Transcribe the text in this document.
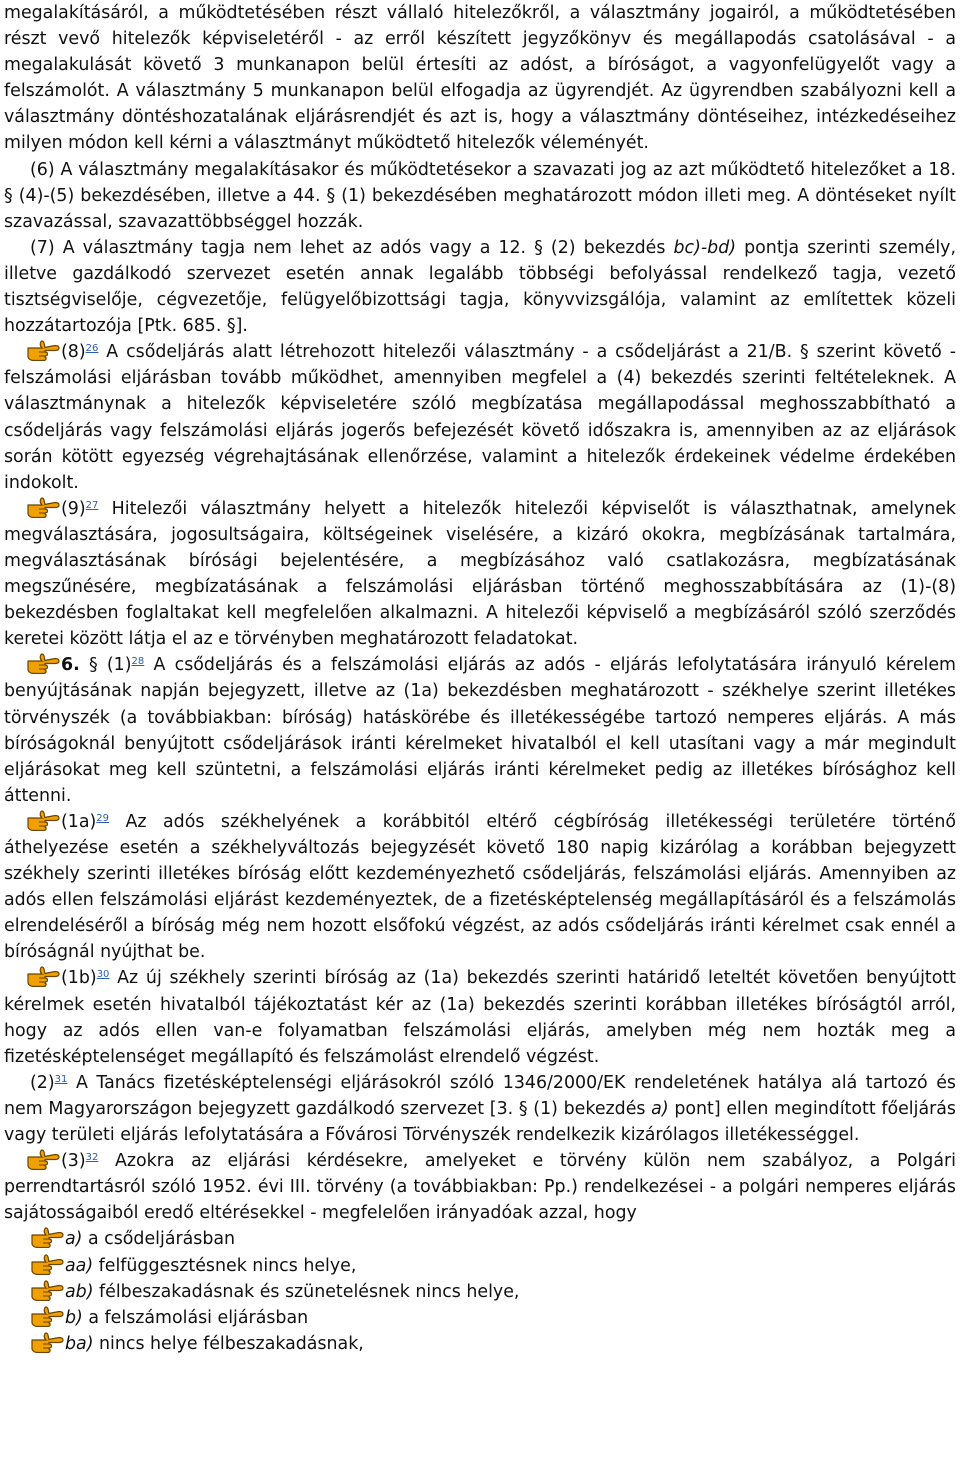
megalakításáról, a működtetésében részt vállaló hitelezőkről, a választmány jogairól, a működtetésében részt vevő hitelezők képviseletéről - az erről készített jegyzőkönyv és megállapodás csatolásával - a megalakulását követő 3 munkanapon belül értesíti az adóst, a bíróságot, a vagyonfelügyelőt vagy a felszámolót. A választmány 5 munkanapon belül elfogadja az ügyrendjét. Az ügyrendben szabályozni kell a választmány döntéshozatalának eljárásrendjét és azt is, hogy a választmány döntéseihez, intézkedéseihez milyen módon kell kérni a választmányt működtető hitelezők véleményét.

(6) A választmány megalakításakor és működtetésekor a szavazati jog az azt működtető hitelezőket a 18. § (4)-(5) bekezdésében, illetve a 44. § (1) bekezdésében meghatározott módon illeti meg. A döntéseket nyílt szavazással, szavazattöbbséggel hozzák.

(7) A választmány tagja nem lehet az adós vagy a 12. § (2) bekezdés bc)-bd) pontja szerinti személy, illetve gazdálkodó szervezet esetén annak legalább többségi befolyással rendelkező tagja, vezető tisztségviselője, cégvezetője, felügyelőbizottsági tagja, könyvvizsgálója, valamint az említettek közeli hozzátartozója [Ptk. 685. §].

$(8)^{26}$ A csődeljárás alatt létrehozott hitelezői választmány - a csődeljárást a 21/B. § szerint követő - felszámolási eljárásban tovább működhet, amennyiben megfelel a (4) bekezdés szerinti feltételeknek. A választmánynak a hitelezők képviseletére szóló megbízatása megállapodással meghosszabbítható a csődeljárás vagy felszámolási eljárás jogerős befejezését követő időszakra is, amennyiben az az eljárások során kötött egyezség végrehajtásának ellenőrzése, valamint a hitelezők érdekeinek védelme érdekében indokolt.

$(9)^{27}$ Hitelezői választmány helyett a hitelezők hitelezői képviselőt is választhatnak, amelynek megválasztására, jogosultságaira, költségeinek viselésére, a kizáró okokra, megbízásának tartalmára, megválasztásának bírósági bejelentésére, a megbízásához való csatlakozásra, megbízatásának megszűnésére, megbízatásának a felszámolási eljárásban történő meghosszabbítására az (1)-(8) bekezdésben foglaltakat kell megfelelően alkalmazni. A hitelezői képviselő a megbízásáról szóló szerződés keretei között látja el az e törvényben meghatározott feladatokat.

6. § $(1)^{28}$ A csődeljárás és a felszámolási eljárás az adós - eljárás lefolytatására irányuló kérelem benyújtásának napján bejegyzett, illetve az (1a) bekezdésben meghatározott - székhelye szerint illetékes törvényszék (a továbbiakban: bíróság) hatáskörébe és illetékességébe tartozó nemperes eljárás. A más bíróságoknál benyújtott csődeljárások iránti kérelmeket hivatalból el kell utasítani vagy a már megindult eljárásokat meg kell szüntetni, a felszámolási eljárás iránti kérelmeket pedig az illetékes bírósághoz kell áttenni.

$(1a)^{29}$ Az adós székhelyének a korábbitól eltérő cégbíróság illetékességi területére történő áthelyezése esetén a székhelyváltozás bejegyzését követő 180 napig kizárólag a korábban bejegyzett székhely szerinti illetékes bíróság előtt kezdeményezhető csődeljárás, felszámolási eljárás. Amennyiben az adós ellen felszámolási eljárást kezdeményeztek, de a fizetésképtelenség megállapításáról és a felszámolás elrendeléséről a bíróság még nem hozott elsőfokú végzést, az adós csődeljárás iránti kérelmet csak ennél a bíróságnál nyújthat be.

$(1b)^{30}$ Az új székhely szerinti bíróság az (1a) bekezdés szerinti határidő leteltét követően benyújtott kérelmek esetén hivatalból tájékoztatást kér az (1a) bekezdés szerinti korábban illetékes bíróságtól arról, hogy az adós ellen van-e folyamatban felszámolási eljárás, amelyben még nem hozták meg a fizetésképtelenséget megállapító és felszámolást elrendelő végzést.

$(2)^{31}$ A Tanács fizetésképtelenségi eljárásokról szóló 1346/2000/EK rendeletének hatálya alá tartozó és nem Magyarországon bejegyzett gazdálkodó szervezet [3. § (1) bekezdés a) pont] ellen megindított főeljárás vagy területi eljárás lefolytatására a Fővárosi Törvényszék rendelkezik kizárólagos illetékességgel.

$(3)^{32}$ Azokra az eljárási kérdésekre, amelyeket e törvény külön nem szabályoz, a Polgári perrendtartásról szóló 1952. évi III. törvény (a továbbiakban: Pp.) rendelkezései - a polgári nemperes eljárás sajátosságaiból eredő eltérésekkel - megfelelően irányadóak azzal, hogy

a) a csődeljárásban

aa) felfüggesztésnek nincs helye,

ab) félbeszakadásnak és szünetelésnek nincs helye,

b) a felszámolási eljárásban

ba) nincs helye félbeszakadásnak,
